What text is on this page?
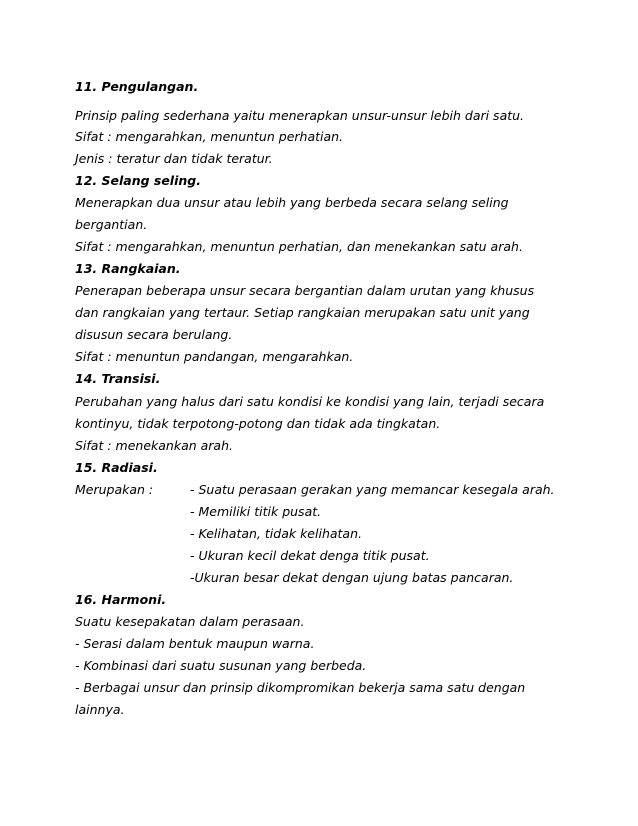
11. Pengulangan.
Prinsip paling sederhana yaitu menerapkan unsur-unsur lebih dari satu.
Sifat : mengarahkan, menuntun perhatian.
Jenis : teratur dan tidak teratur.
12. Selang seling.
Menerapkan dua unsur atau lebih yang berbeda secara selang seling
bergantian.
Sifat : mengarahkan, menuntun perhatian, dan menekankan satu arah.
13. Rangkaian.
Penerapan beberapa unsur secara bergantian dalam urutan yang khusus
dan rangkaian yang tertaur. Setiap rangkaian merupakan satu unit yang
disusun secara berulang.
Sifat : menuntun pandangan, mengarahkan.
14. Transisi.
Perubahan yang halus dari satu kondisi ke kondisi yang lain, terjadi secara
kontinyu, tidak terpotong-potong dan tidak ada tingkatan.
Sifat : menekankan arah.
15. Radiasi.
Merupakan :	- Suatu perasaan gerakan yang memancar kesegala arah.
- Memiliki titik pusat.
- Kelihatan, tidak kelihatan.
- Ukuran kecil dekat denga titik pusat.
-Ukuran besar dekat dengan ujung batas pancaran.
16. Harmoni.
Suatu kesepakatan dalam perasaan.
- Serasi dalam bentuk maupun warna.
- Kombinasi dari suatu susunan yang berbeda.
- Berbagai unsur dan prinsip dikompromikan bekerja sama satu dengan
lainnya.
